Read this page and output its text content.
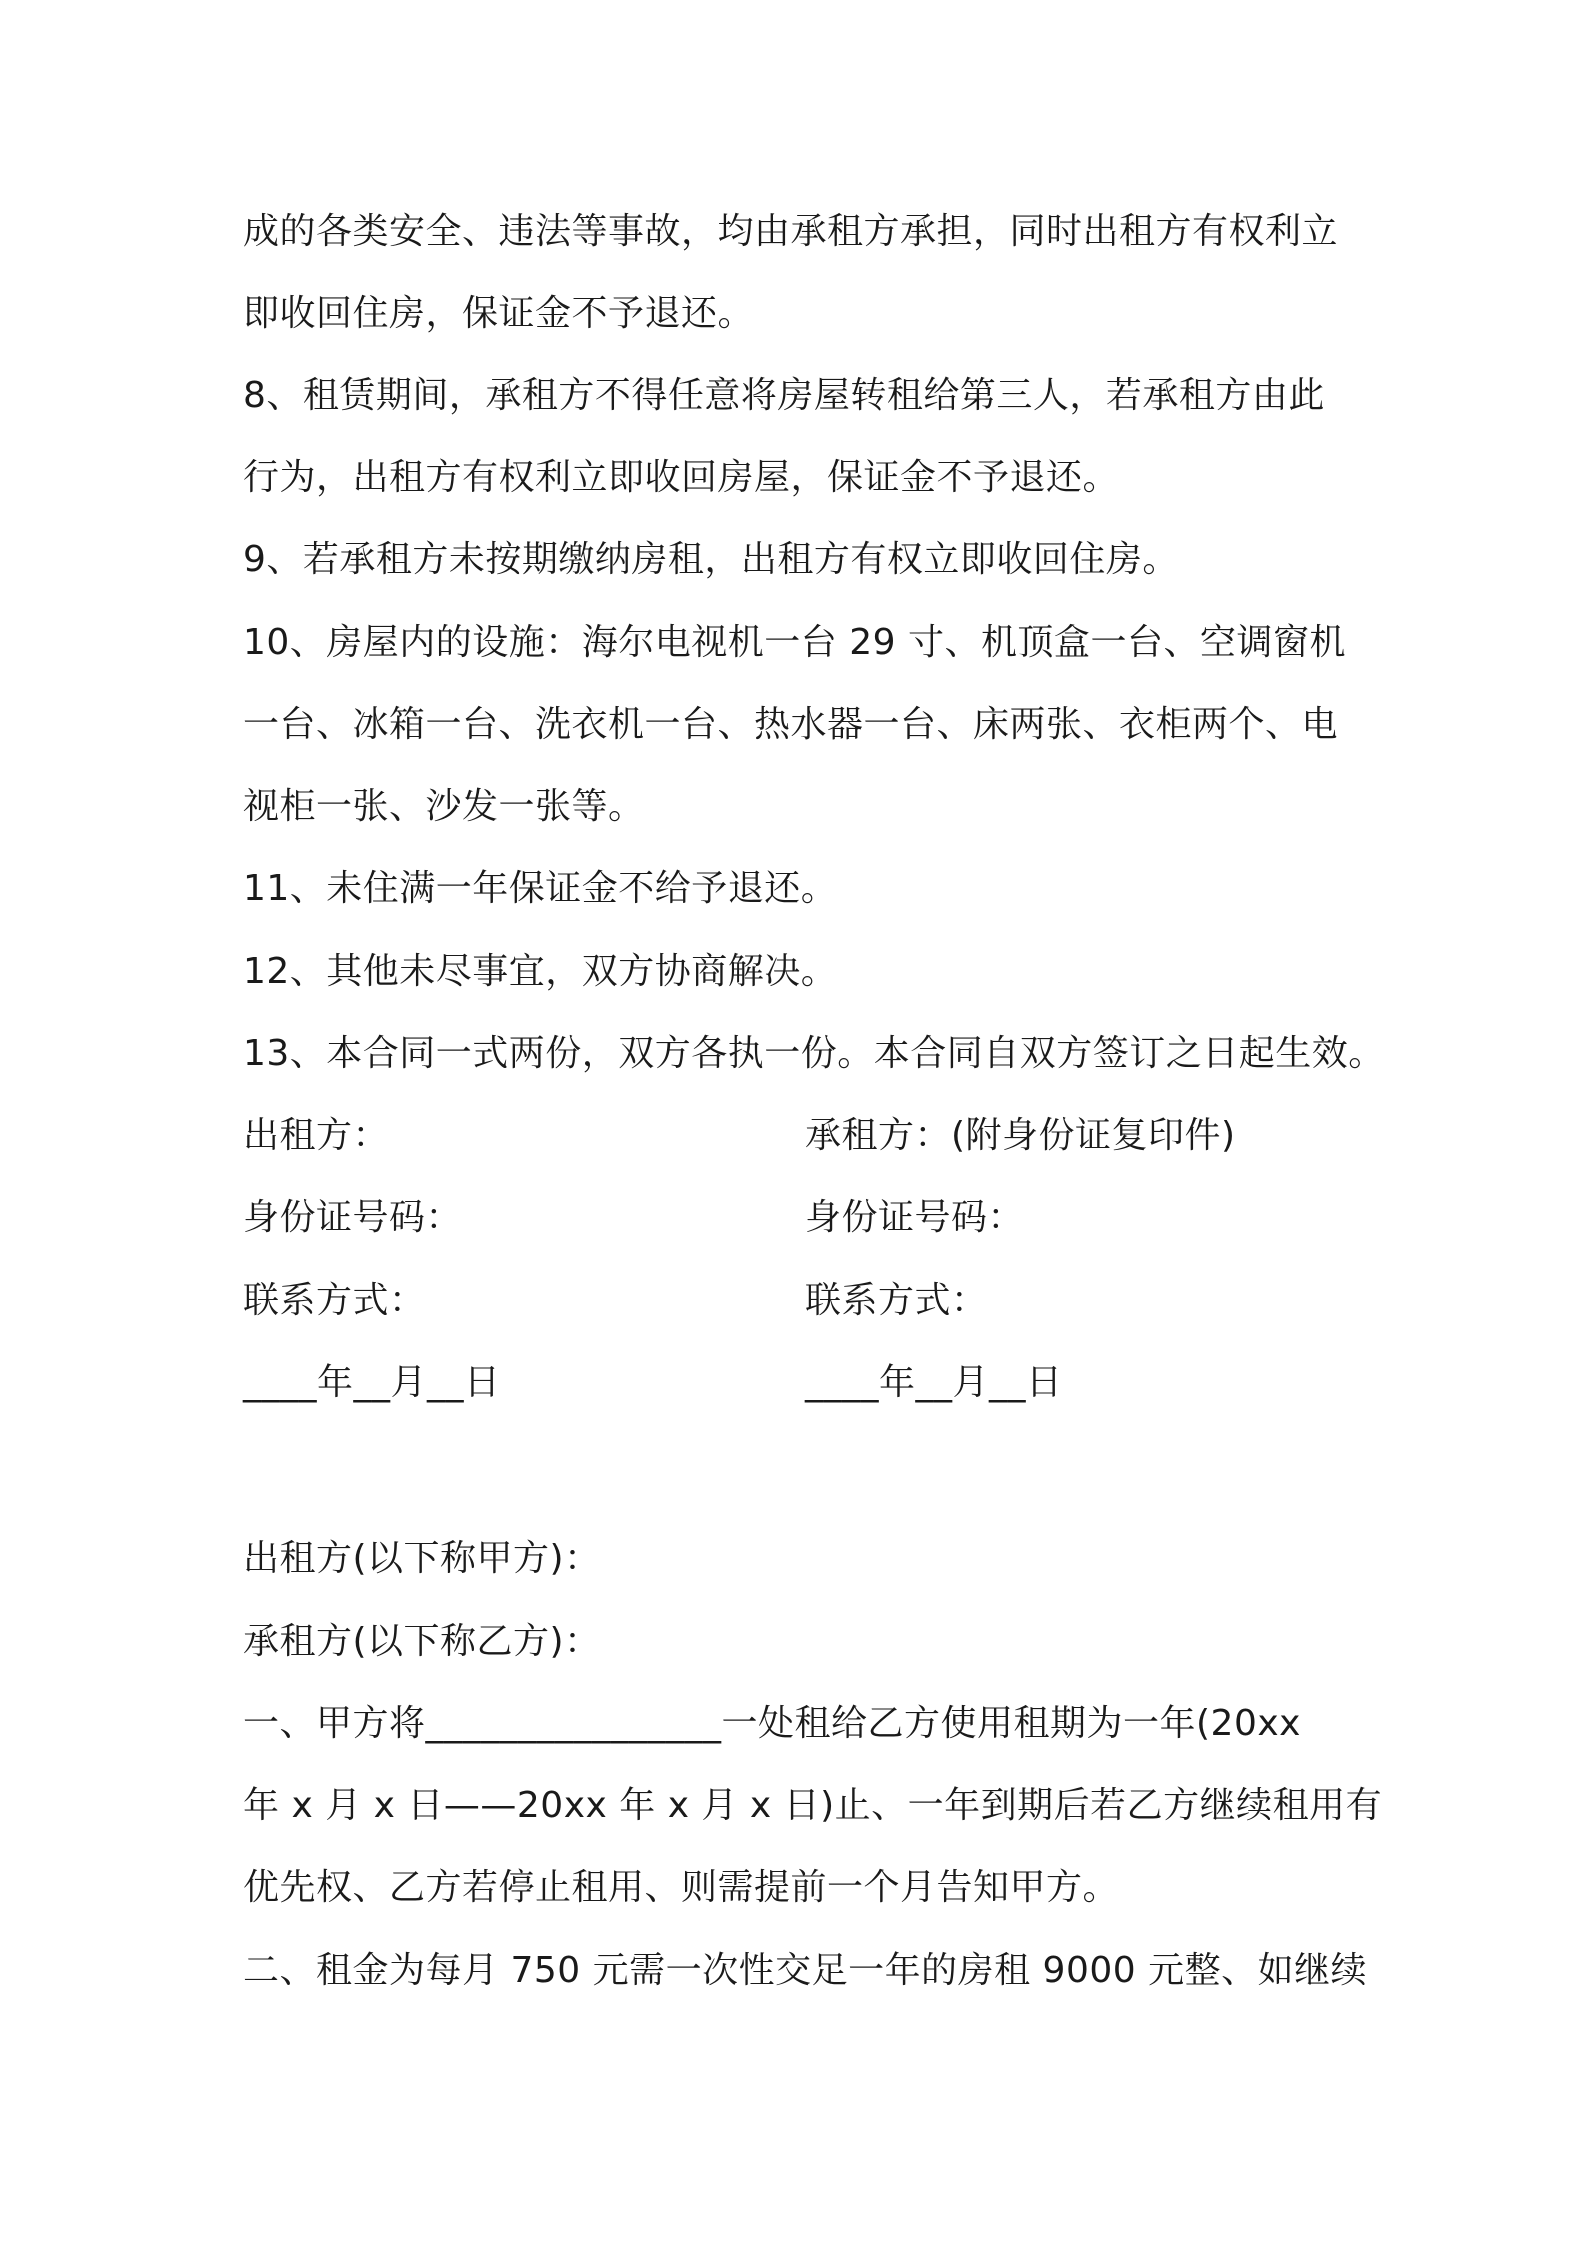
成的各类安全、违法等事故，均由承租方承担，同时出租方有权利立
即收回住房，保证金不予退还。
8、租赁期间，承租方不得任意将房屋转租给第三人，若承租方由此
行为，出租方有权利立即收回房屋，保证金不予退还。
9、若承租方未按期缴纳房租，出租方有权立即收回住房。
10、房屋内的设施：海尔电视机一台 29 寸、机顶盒一台、空调窗机
一台、冰箱一台、洗衣机一台、热水器一台、床两张、衣柜两个、电
视柜一张、沙发一张等。
11、未住满一年保证金不给予退还。
12、其他未尽事宜，双方协商解决。
13、本合同一式两份，双方各执一份。本合同自双方签订之日起生效。
出租方：	承租方：(附身份证复印件)
身份证号码：	身份证号码：
联系方式：	联系方式：
____年__月__日	____年__月__日
出租方(以下称甲方)：
承租方(以下称乙方)：
一、甲方将________________一处租给乙方使用租期为一年(20xx
年 x 月 x 日——20xx 年 x 月 x 日)止、一年到期后若乙方继续租用有
优先权、乙方若停止租用、则需提前一个月告知甲方。
二、租金为每月 750 元需一次性交足一年的房租 9000 元整、如继续
